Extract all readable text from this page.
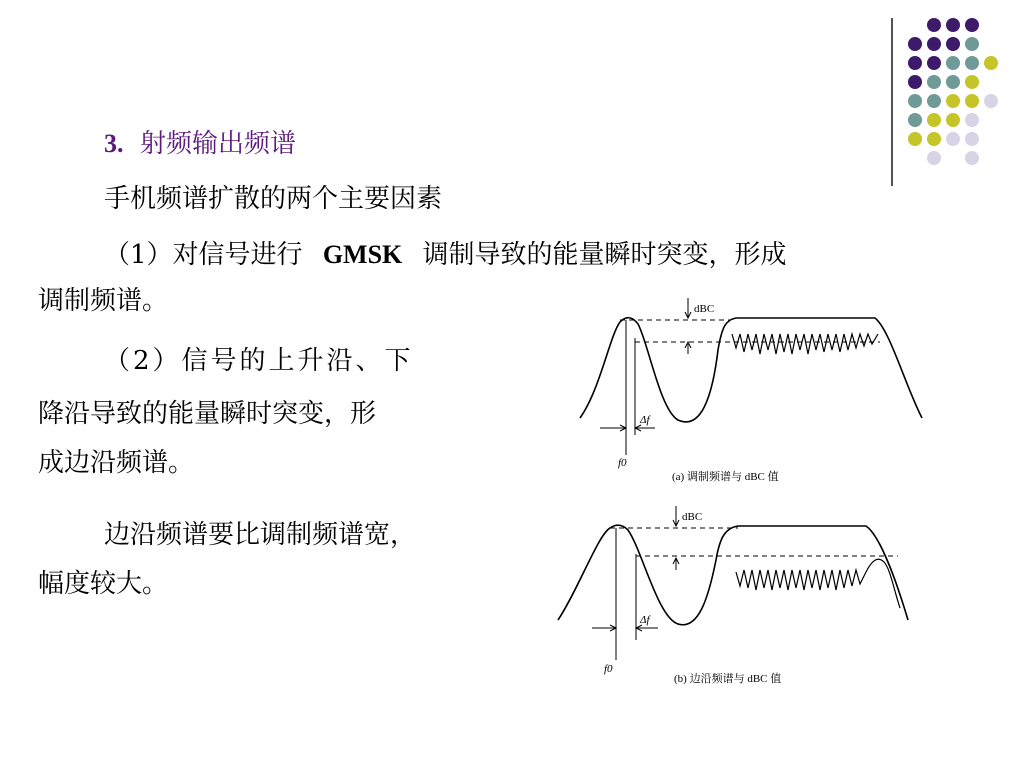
3. 射频输出频谱
手机频谱扩散的两个主要因素
（1）对信号进行 GMSK 调制导致的能量瞬时突变，形成
调制频谱。
（2）信号的上升沿、下
降沿导致的能量瞬时突变，形
成边沿频谱。
边沿频谱要比调制频谱宽，
幅度较大。
dBC
Δf
f0
(a) 调制频谱与 dBC 值
dBC
Δf
f0
(b) 边沿频谱与 dBC 值
